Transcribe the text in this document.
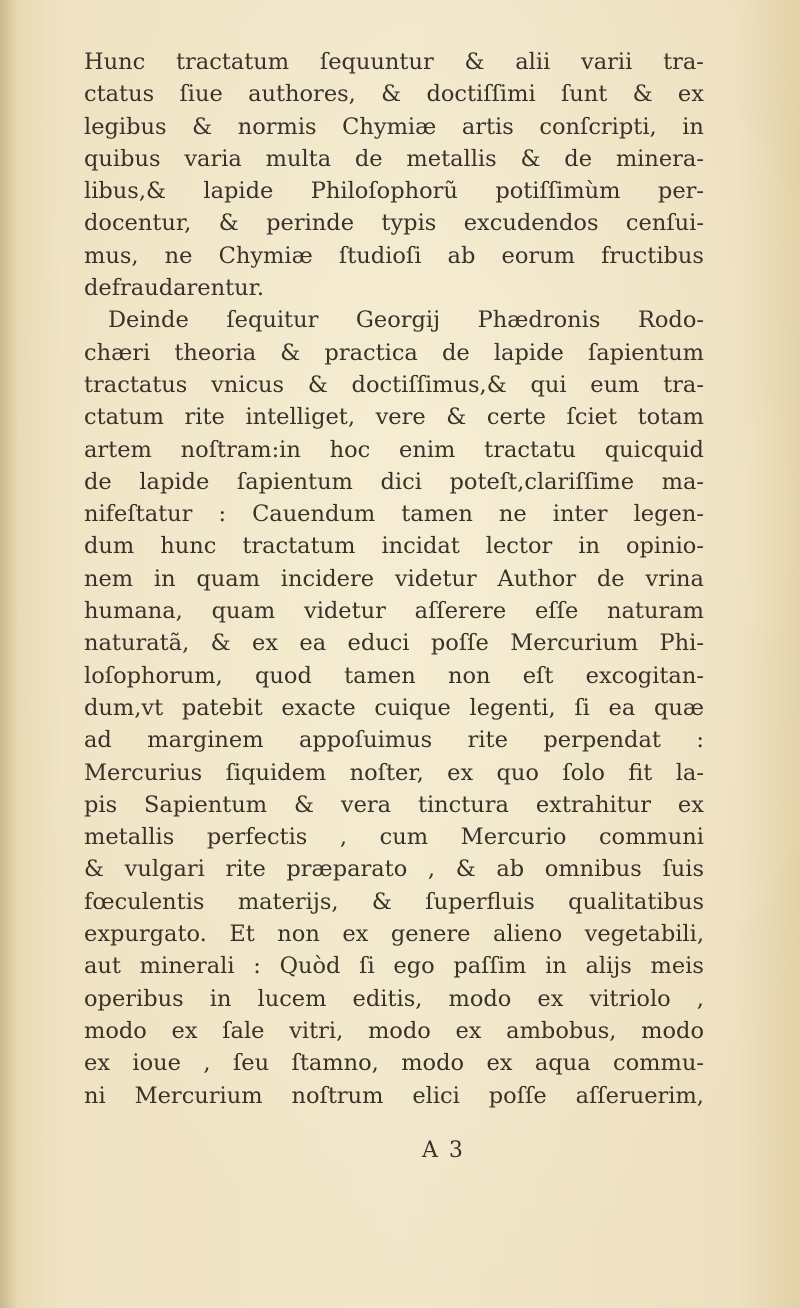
Hunc tractatum ſequuntur & alii varii tra-
ctatus ſiue authores, & doctiſſimi ſunt & ex
legibus & normis Chymiæ artis conſcripti, in
quibus varia multa de metallis & de minera-
libus,& lapide Philoſophorũ potiſſimùm per-
docentur, & perinde typis excudendos cenſui-
mus, ne Chymiæ ſtudioſi ab eorum fructibus
defraudarentur.
Deinde ſequitur Georgij Phædronis Rodo-
chæri theoria & practica de lapide ſapientum
tractatus vnicus & doctiſſimus,& qui eum tra-
ctatum rite intelliget, vere & certe ſciet totam
artem noſtram:in hoc enim tractatu quicquid
de lapide ſapientum dici poteſt,clariſſime ma-
nifeſtatur : Cauendum tamen ne inter legen-
dum hunc tractatum incidat lector in opinio-
nem in quam incidere videtur Author de vrina
humana, quam videtur aſſerere eſſe naturam
naturatã, & ex ea educi poſſe Mercurium Phi-
loſophorum, quod tamen non eſt excogitan-
dum,vt patebit exacte cuique legenti, ſi ea quæ
ad marginem appoſuimus rite perpendat :
Mercurius ſiquidem noſter, ex quo ſolo fit la-
pis Sapientum & vera tinctura extrahitur ex
metallis perfectis , cum Mercurio communi
& vulgari rite præparato , & ab omnibus ſuis
fœculentis materijs, & ſuperfluis qualitatibus
expurgato. Et non ex genere alieno vegetabili,
aut minerali : Quòd ſi ego paſſim in alijs meis
operibus in lucem editis, modo ex vitriolo ,
modo ex ſale vitri, modo ex ambobus, modo
ex ioue , ſeu ſtamno, modo ex aqua commu-
ni Mercurium noſtrum elici poſſe aſſeruerim,
A 3
